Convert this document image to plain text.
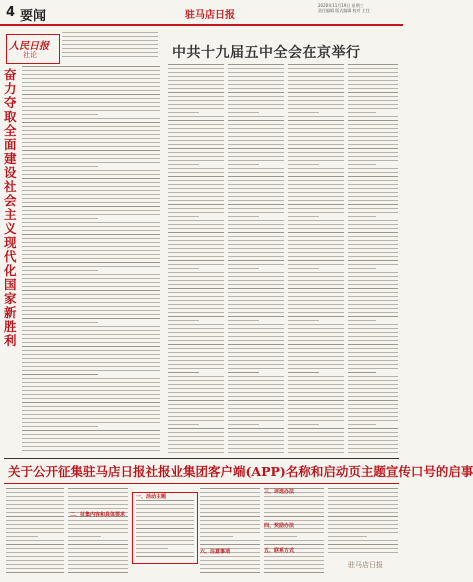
4 要闻	驻马店日报
2020年11月19日 星期三
责任编辑 版式编辑 校对 主任
人民日报
社论
奋力夺取全面建设社会主义现代化国家新胜利
中共十九届五中全会在京举行
关于公开征集驻马店日报社报业集团客户端(APP)名称和启动页主题宣传口号的启事
一、活动主题
二、征集内容和具体要求
三、评选办法
四、奖励办法
五、联系方式
六、注意事项
驻马店日报
